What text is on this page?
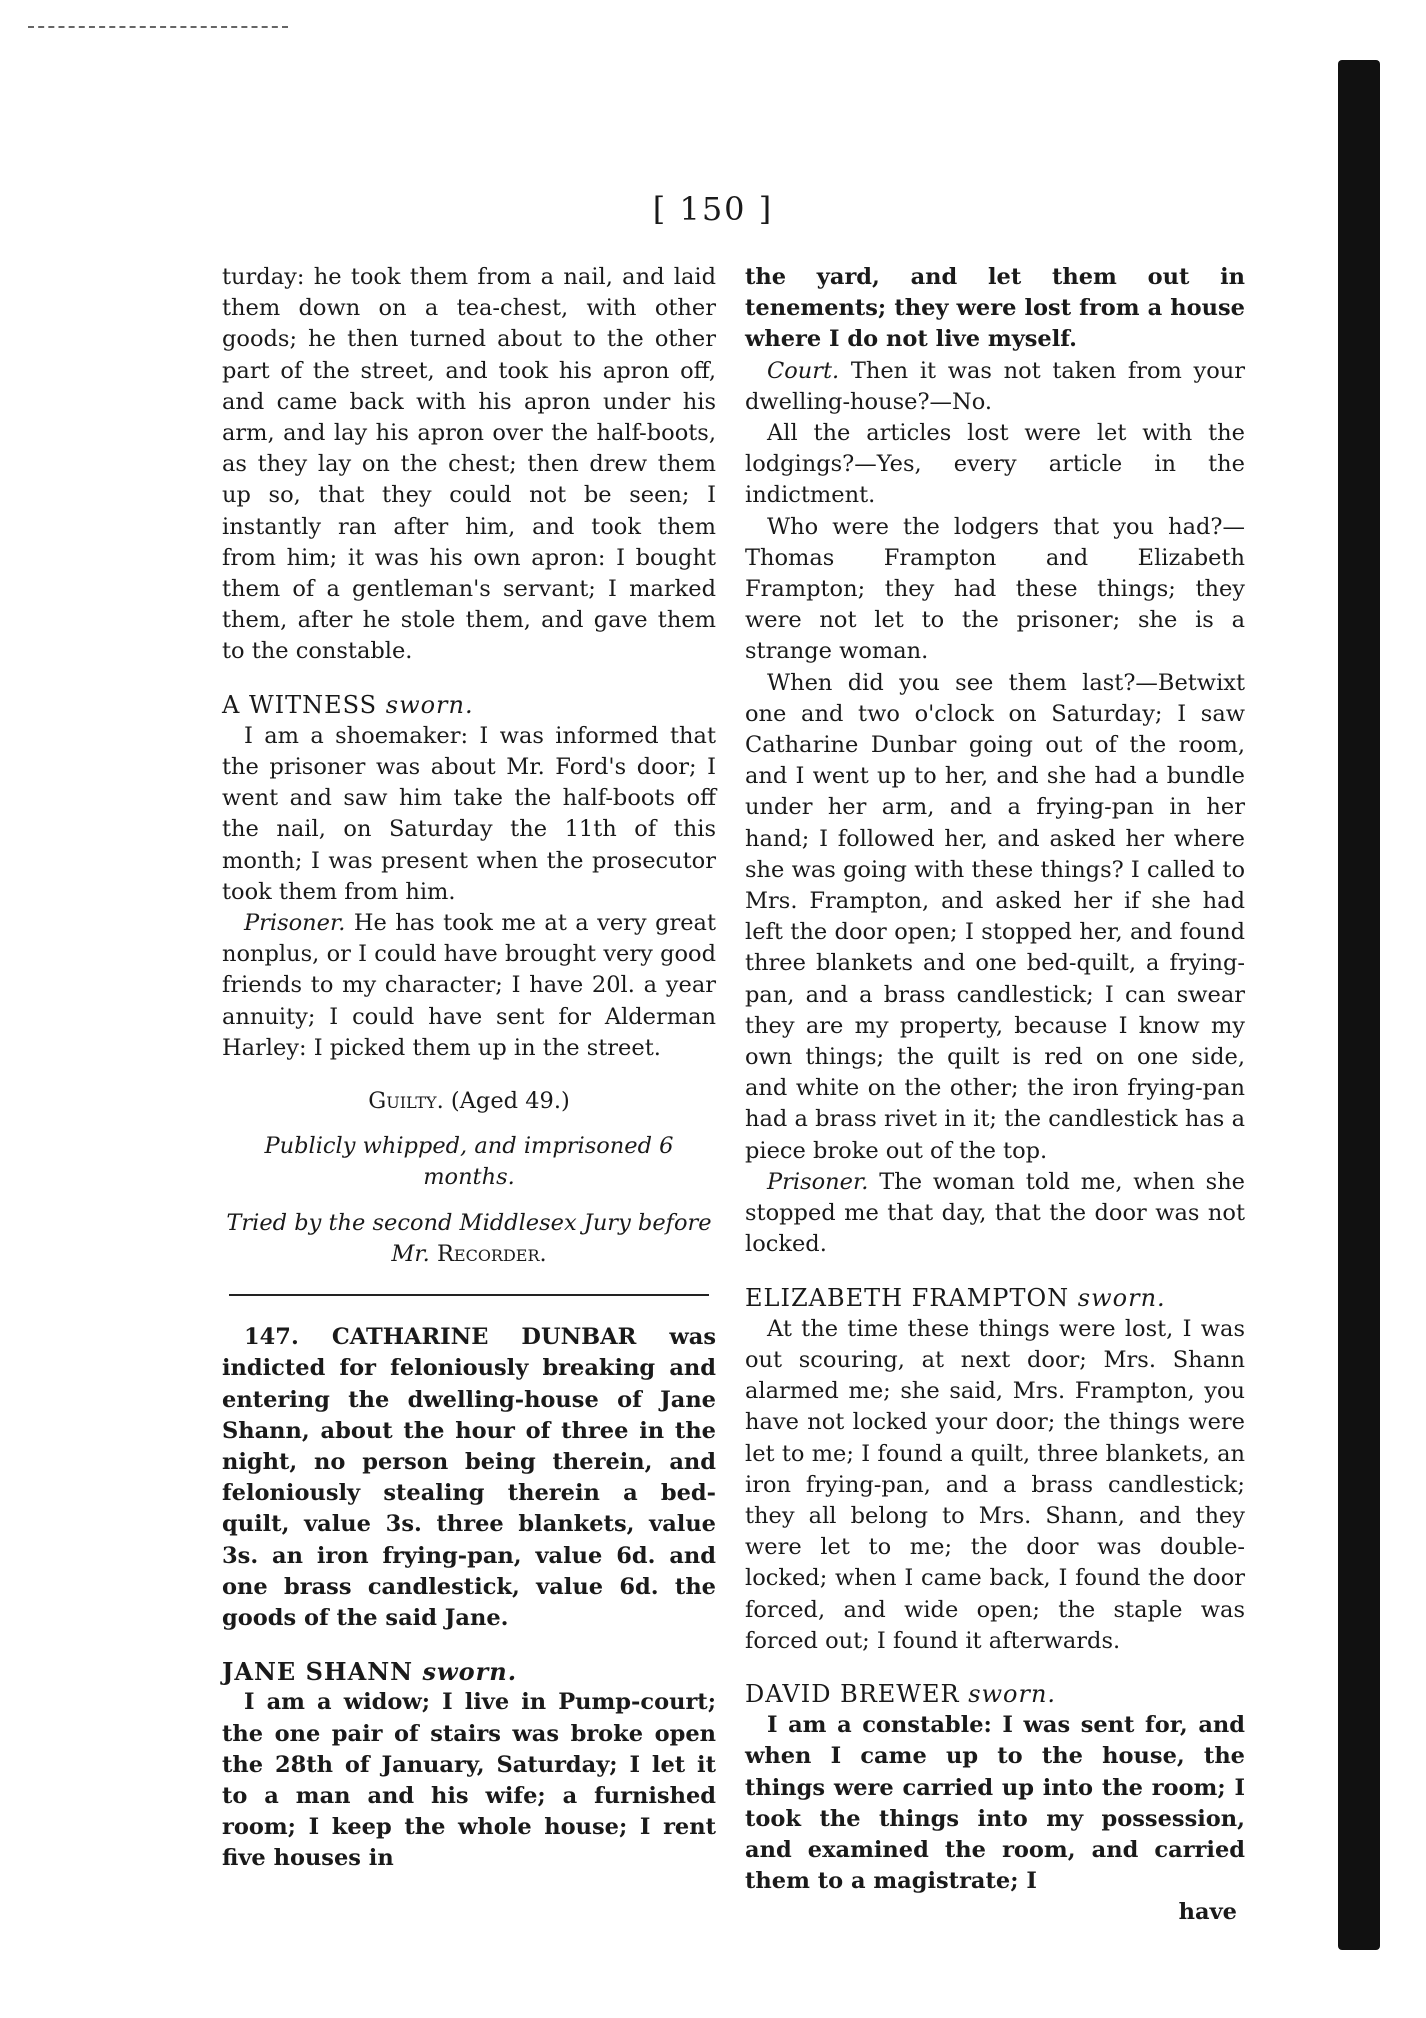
[ 150 ]

turday: he took them from a nail, and laid them down on a tea-chest, with other goods; he then turned about to the other part of the street, and took his apron off, and came back with his apron under his arm, and lay his apron over the half-boots, as they lay on the chest; then drew them up so, that they could not be seen; I instantly ran after him, and took them from him; it was his own apron: I bought them of a gentleman's servant; I marked them, after he stole them, and gave them to the constable.

A WITNESS sworn.

I am a shoemaker: I was informed that the prisoner was about Mr. Ford's door; I went and saw him take the half-boots off the nail, on Saturday the 11th of this month; I was present when the prosecutor took them from him.

Prisoner. He has took me at a very great nonplus, or I could have brought very good friends to my character; I have 20l. a year annuity; I could have sent for Alderman Harley: I picked them up in the street.

Guilty. (Aged 49.)

Publicly whipped, and imprisoned 6 months.

Tried by the second Middlesex Jury before

Mr. Recorder.

147. CATHARINE DUNBAR was indicted for feloniously breaking and entering the dwelling-house of Jane Shann, about the hour of three in the night, no person being therein, and feloniously stealing therein a bed-quilt, value 3s. three blankets, value 3s. an iron frying-pan, value 6d. and one brass candlestick, value 6d. the goods of the said Jane.

JANE SHANN sworn.

I am a widow; I live in Pump-court; the one pair of stairs was broke open the 28th of January, Saturday; I let it to a man and his wife; a furnished room; I keep the whole house; I rent five houses in

the yard, and let them out in tenements; they were lost from a house where I do not live myself.

Court. Then it was not taken from your dwelling-house?—No.

All the articles lost were let with the lodgings?—Yes, every article in the indictment.

Who were the lodgers that you had?—Thomas Frampton and Elizabeth Frampton; they had these things; they were not let to the prisoner; she is a strange woman.

When did you see them last?—Betwixt one and two o'clock on Saturday; I saw Catharine Dunbar going out of the room, and I went up to her, and she had a bundle under her arm, and a frying-pan in her hand; I followed her, and asked her where she was going with these things? I called to Mrs. Frampton, and asked her if she had left the door open; I stopped her, and found three blankets and one bed-quilt, a frying-pan, and a brass candlestick; I can swear they are my property, because I know my own things; the quilt is red on one side, and white on the other; the iron frying-pan had a brass rivet in it; the candlestick has a piece broke out of the top.

Prisoner. The woman told me, when she stopped me that day, that the door was not locked.

ELIZABETH FRAMPTON sworn.

At the time these things were lost, I was out scouring, at next door; Mrs. Shann alarmed me; she said, Mrs. Frampton, you have not locked your door; the things were let to me; I found a quilt, three blankets, an iron frying-pan, and a brass candlestick; they all belong to Mrs. Shann, and they were let to me; the door was double-locked; when I came back, I found the door forced, and wide open; the staple was forced out; I found it afterwards.

DAVID BREWER sworn.

I am a constable: I was sent for, and when I came up to the house, the things were carried up into the room; I took the things into my possession, and examined the room, and carried them to a magistrate; I

have
